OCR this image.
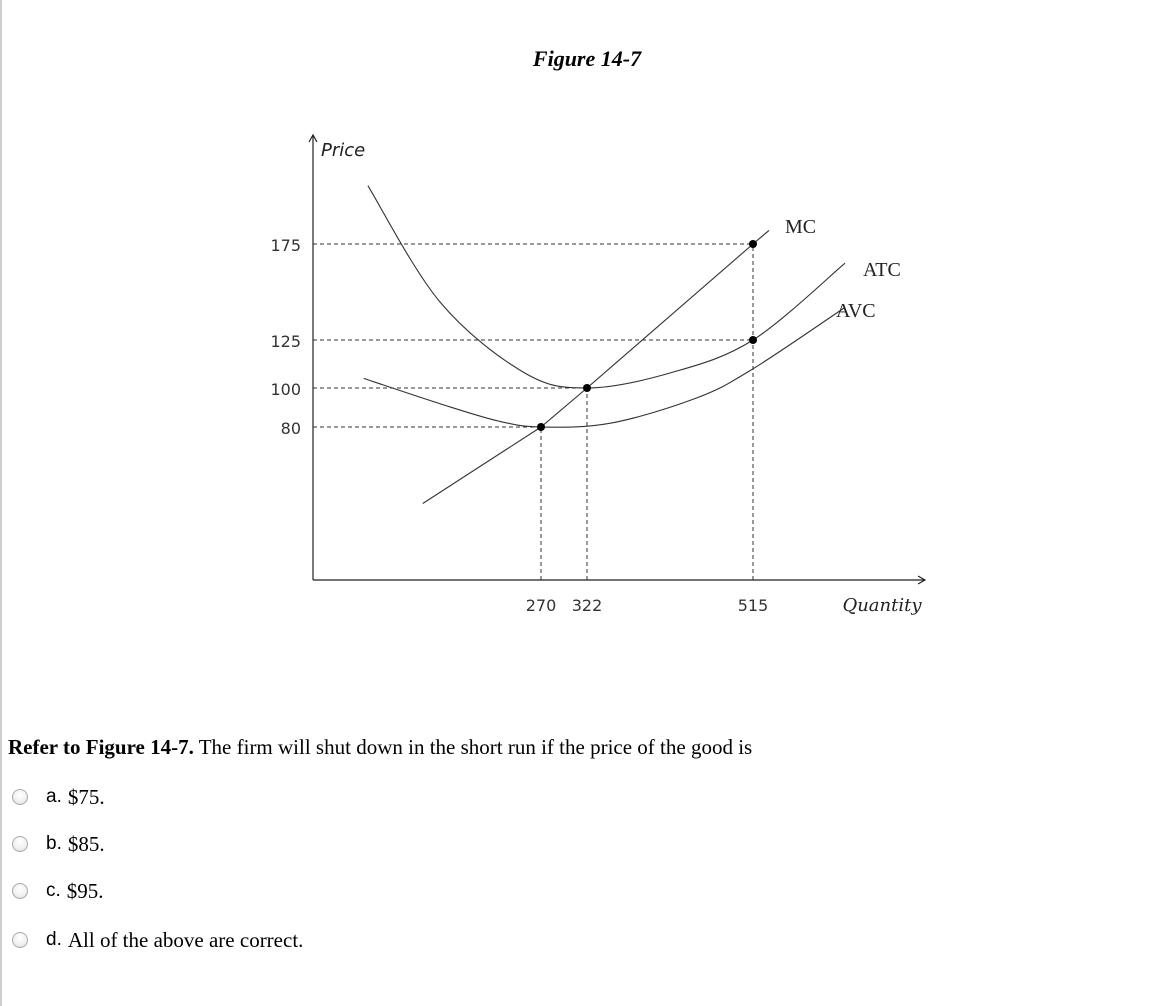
Figure 14-7
175
125
100
80
270 322	515
Price
Quantity
MC
ATC
AVC
Refer to Figure 14-7. The firm will shut down in the short run if the price of the good is
a. $75.
b. $85.
c. $95.
d. All of the above are correct.
